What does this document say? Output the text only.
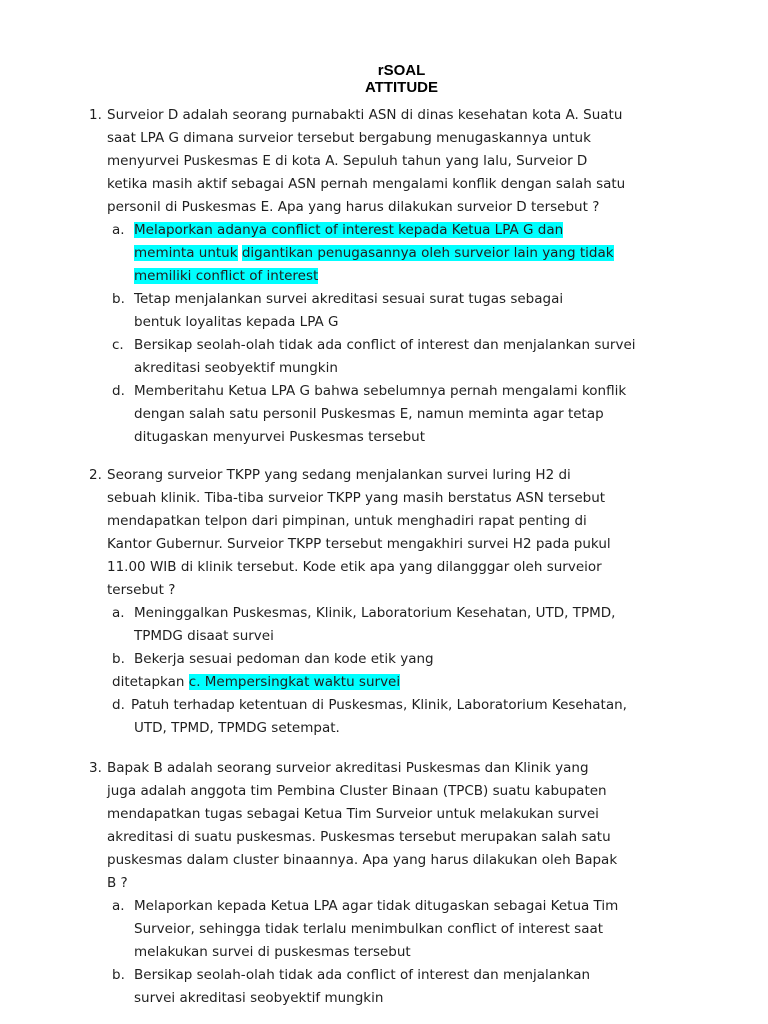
rSOAL
ATTITUDE
1. Surveior D adalah seorang purnabakti ASN di dinas kesehatan kota A. Suatu
saat LPA G dimana surveior tersebut bergabung menugaskannya untuk
menyurvei Puskesmas E di kota A. Sepuluh tahun yang lalu, Surveior D
ketika masih aktif sebagai ASN pernah mengalami konflik dengan salah satu
personil di Puskesmas E. Apa yang harus dilakukan surveior D tersebut ?
a. Melaporkan adanya conflict of interest kepada Ketua LPA G dan
meminta untuk digantikan penugasannya oleh surveior lain yang tidak
memiliki conflict of interest
b. Tetap menjalankan survei akreditasi sesuai surat tugas sebagai
bentuk loyalitas kepada LPA G
c. Bersikap seolah-olah tidak ada conflict of interest dan menjalankan survei
akreditasi seobyektif mungkin
d. Memberitahu Ketua LPA G bahwa sebelumnya pernah mengalami konflik
dengan salah satu personil Puskesmas E, namun meminta agar tetap
ditugaskan menyurvei Puskesmas tersebut
2. Seorang surveior TKPP yang sedang menjalankan survei luring H2 di
sebuah klinik. Tiba-tiba surveior TKPP yang masih berstatus ASN tersebut
mendapatkan telpon dari pimpinan, untuk menghadiri rapat penting di
Kantor Gubernur. Surveior TKPP tersebut mengakhiri survei H2 pada pukul
11.00 WIB di klinik tersebut. Kode etik apa yang dilangggar oleh surveior
tersebut ?
a. Meninggalkan Puskesmas, Klinik, Laboratorium Kesehatan, UTD, TPMD,
TPMDG disaat survei
b. Bekerja sesuai pedoman dan kode etik yang
ditetapkan c. Mempersingkat waktu survei
d. Patuh terhadap ketentuan di Puskesmas, Klinik, Laboratorium Kesehatan,
UTD, TPMD, TPMDG setempat.
3. Bapak B adalah seorang surveior akreditasi Puskesmas dan Klinik yang
juga adalah anggota tim Pembina Cluster Binaan (TPCB) suatu kabupaten
mendapatkan tugas sebagai Ketua Tim Surveior untuk melakukan survei
akreditasi di suatu puskesmas. Puskesmas tersebut merupakan salah satu
puskesmas dalam cluster binaannya. Apa yang harus dilakukan oleh Bapak
B ?
a. Melaporkan kepada Ketua LPA agar tidak ditugaskan sebagai Ketua Tim
Surveior, sehingga tidak terlalu menimbulkan conflict of interest saat
melakukan survei di puskesmas tersebut
b. Bersikap seolah-olah tidak ada conflict of interest dan menjalankan
survei akreditasi seobyektif mungkin
